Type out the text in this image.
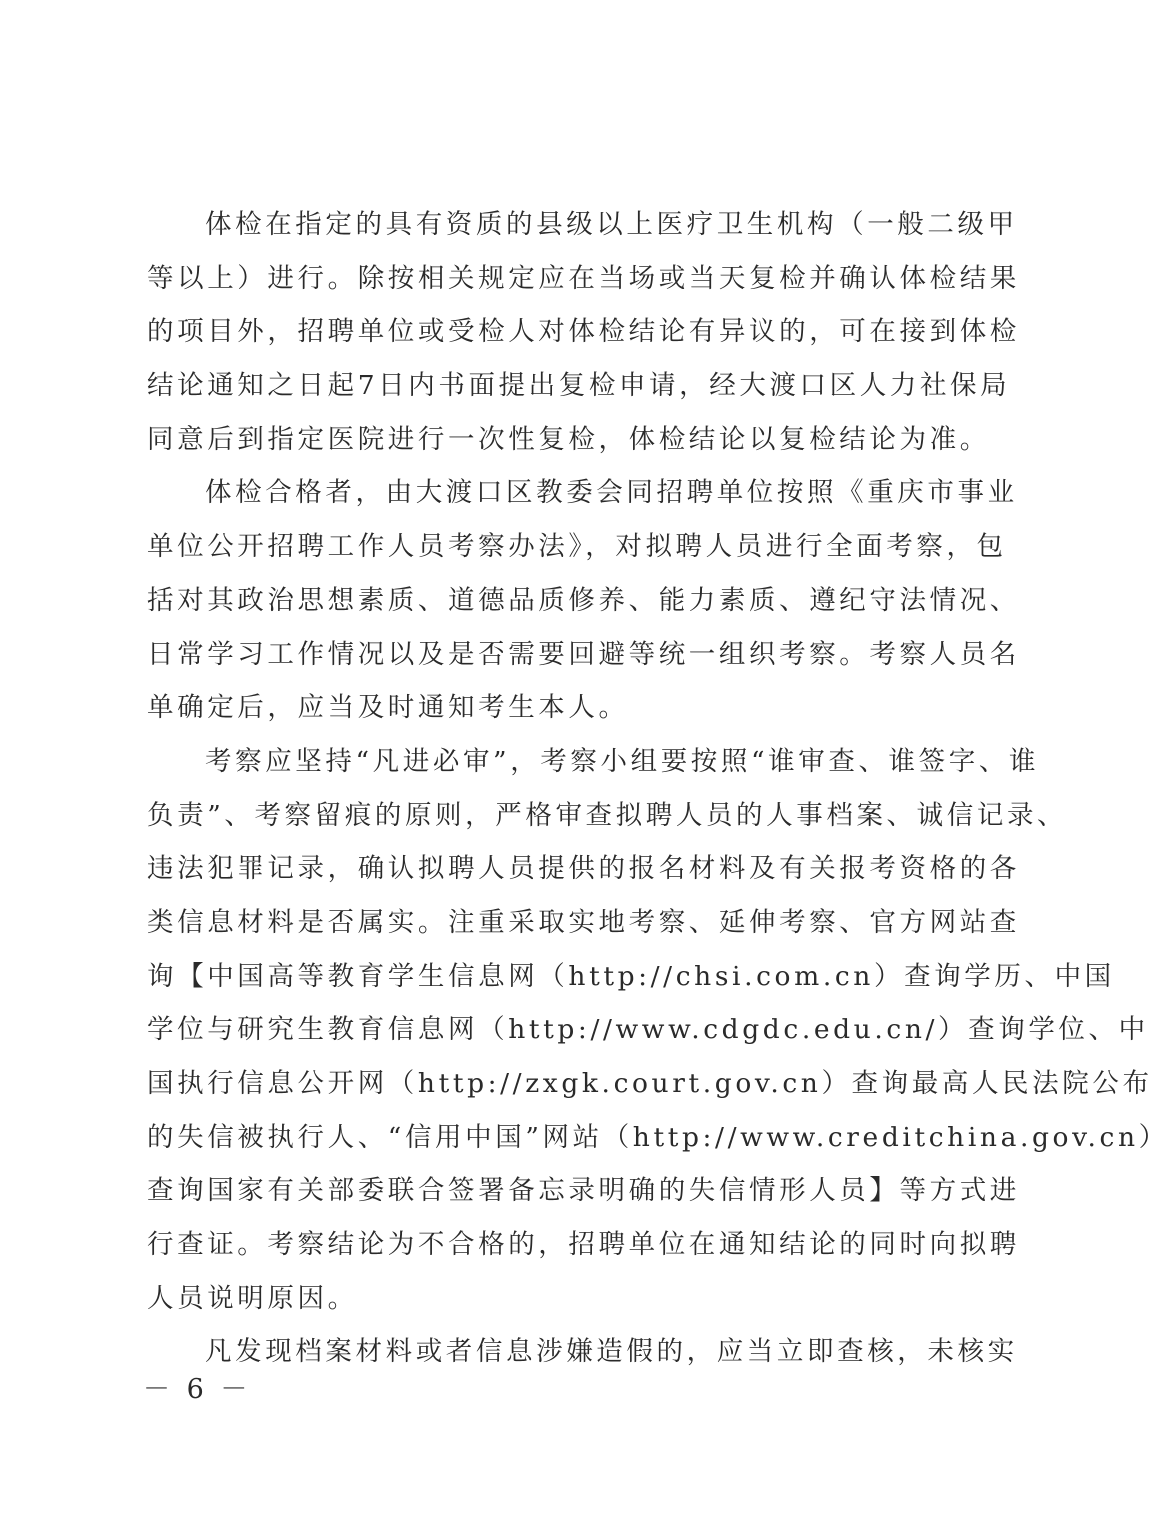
体检在指定的具有资质的县级以上医疗卫生机构（一般二级甲
等以上）进行。除按相关规定应在当场或当天复检并确认体检结果
的项目外，招聘单位或受检人对体检结论有异议的，可在接到体检
结论通知之日起7日内书面提出复检申请，经大渡口区人力社保局
同意后到指定医院进行一次性复检，体检结论以复检结论为准。
体检合格者，由大渡口区教委会同招聘单位按照《重庆市事业
单位公开招聘工作人员考察办法》，对拟聘人员进行全面考察，包
括对其政治思想素质、道德品质修养、能力素质、遵纪守法情况、
日常学习工作情况以及是否需要回避等统一组织考察。考察人员名
单确定后，应当及时通知考生本人。
考察应坚持“凡进必审”，考察小组要按照“谁审查、谁签字、谁
负责”、考察留痕的原则，严格审查拟聘人员的人事档案、诚信记录、
违法犯罪记录，确认拟聘人员提供的报名材料及有关报考资格的各
类信息材料是否属实。注重采取实地考察、延伸考察、官方网站查
询【中国高等教育学生信息网（http://chsi.com.cn）查询学历、中国
学位与研究生教育信息网（http://www.cdgdc.edu.cn/）查询学位、中
国执行信息公开网（http://zxgk.court.gov.cn）查询最高人民法院公布
的失信被执行人、“信用中国”网站（http://www.creditchina.gov.cn）
查询国家有关部委联合签署备忘录明确的失信情形人员】等方式进
行查证。考察结论为不合格的，招聘单位在通知结论的同时向拟聘
人员说明原因。
凡发现档案材料或者信息涉嫌造假的，应当立即查核，未核实
－ 6 －
